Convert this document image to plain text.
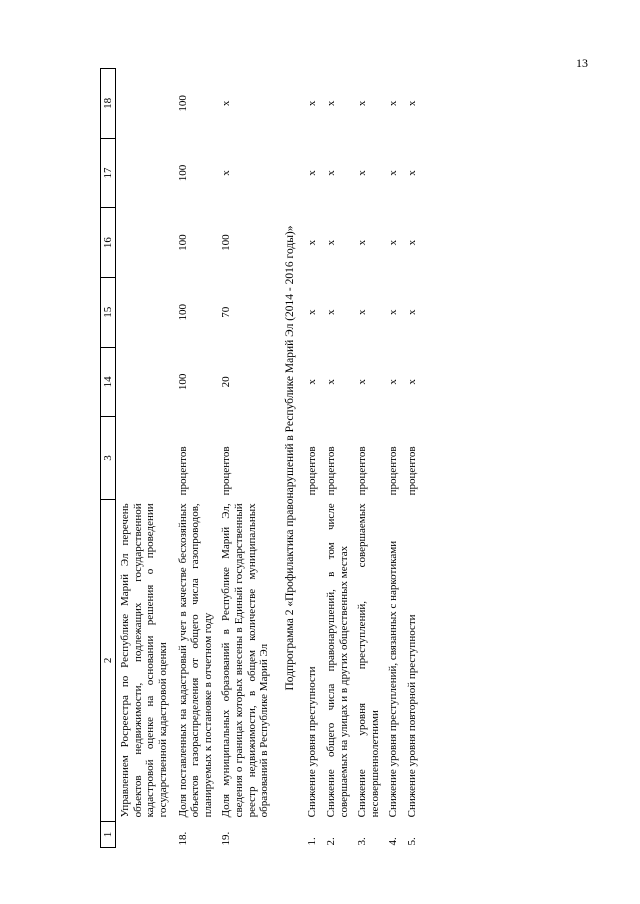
13
1	2	3	14	15	16	17	18
	Управлением Росреестра по Республике Марий Эл перечень объектов недвижимости, подлежащих государственной кадастровой оценке на основании решения о проведении государственной кадастровой оценки						
18.	Доля поставленных на кадастровый учет в качестве бесхозяйных объектов газораспределения от общего числа газопроводов, планируемых к постановке в отчетном году	процентов	100	100	100	100	100
19.	Доля муниципальных образований в Республике Марий Эл, сведения о границах которых внесены в Единый государственный реестр недвижимости, в общем количестве муниципальных образований в Республике Марий Эл	процентов	20	70	100	x	x
Подпрограмма 2 «Профилактика правонарушений в Республике Марий Эл (2014 - 2016 годы)»							
1.	Снижение уровня преступности	процентов	x	x	x	x	x
2.	Снижение общего числа правонарушений, в том числе совершаемых на улицах и в других общественных местах	процентов	x	x	x	x	x
3.	Снижение уровня преступлений, совершаемых несовершеннолетними	процентов	x	x	x	x	x
4.	Снижение уровня преступлений, связанных с наркотиками	процентов	x	x	x	x	x
5.	Снижение уровня повторной преступности	процентов	x	x	x	x	x
